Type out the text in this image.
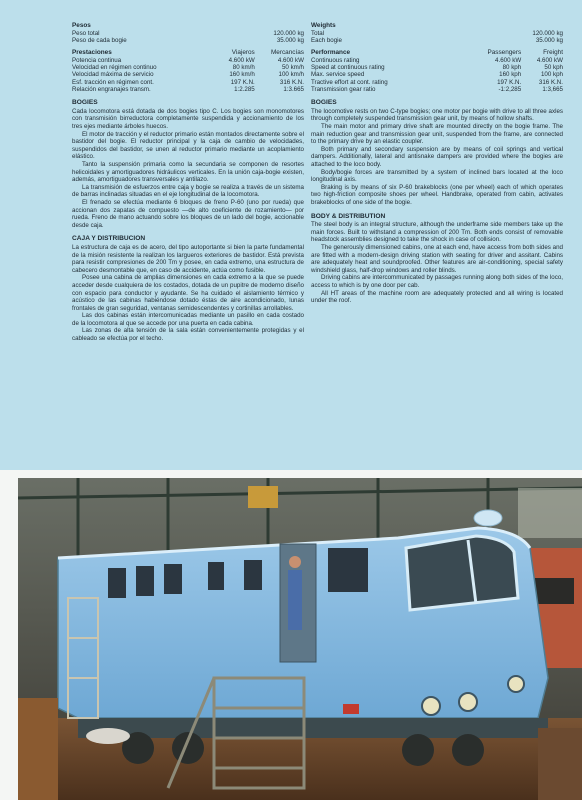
Pesos	
Peso total		120.000 kg
Peso de cada bogie		35.000 kg
Prestaciones	Viajeros	Mercancías
Potencia continua	4.600 kW	4.600 kW
Velocidad en régimen continuo	80 km/h	50 km/h
Velocidad máxima de servicio	160 km/h	100 km/h
Esf. tracción en régimen cont.	197 K.N.	316 K.N.
Relación engranajes transm.	1:2.285	1:3.665
BOGIES

Cada locomotora está dotada de dos bogies tipo C. Los bogies son monomotores con transmisión birreductora completamente suspendida y accionamiento de los tres ejes mediante árboles huecos.

El motor de tracción y el reductor primario están montados directamente sobre el bastidor del bogie. El reductor principal y la caja de cambio de velocidades, suspendidos del bastidor, se unen al reductor primario mediante un acoplamiento elástico.

Tanto la suspensión primaria como la secundaria se componen de resortes helicoidales y amortiguadores hidráulicos verticales. En la unión caja-bogie existen, además, amortiguadores transversales y antilazo.

La transmisión de esfuerzos entre caja y bogie se realiza a través de un sistema de barras inclinadas situadas en el eje longitudinal de la locomotora.

El frenado se efectúa mediante 6 bloques de freno P-60 (uno por rueda) que accionan dos zapatas de compuesto —de alto coeficiente de rozamiento— por rueda. Freno de mano actuando sobre los bloques de un lado del bogie, accionable desde caja.

CAJA Y DISTRIBUCION

La estructura de caja es de acero, del tipo autoportante si bien la parte fundamental de la misión resistente la realizan los largueros exteriores de bastidor. Está prevista para resistir compresiones de 200 Tm y posee, en cada extremo, una estructura de cabecero desmontable que, en caso de accidente, actúa como fusible.

Posee una cabina de amplias dimensiones en cada extremo a la que se puede acceder desde cualquiera de los costados, dotada de un pupitre de moderno diseño con espacio para conductor y ayudante. Se ha cuidado el aislamiento térmico y acústico de las cabinas habiéndose dotado éstas de aire acondicionado, lunas frontales de gran seguridad, ventanas semidescendentes y cortinillas arrollables.

Las dos cabinas están intercomunicadas mediante un pasillo en cada costado de la locomotora al que se accede por una puerta en cada cabina.

Las zonas de alta tensión de la sala están convenientemente protegidas y el cableado se efectúa por el techo.

Weights	
Total		120.000 kg
Each bogie		35.000 kg
Performance	Passengers	Freight
Continuous rating	4.600 kW	4.600 kW
Speed at continuous rating	80 kph	50 kph
Max. service speed	160 kph	100 kph
Tractive effort at cont. rating	197 K.N.	316 K.N.
Transmission gear ratio	-1:2,285	1:3,665
BOGIES

The locomotive rests on two C-type bogies; one motor per bogie with drive to all three axles through completely suspended transmission gear unit, by means of hollow shafts.

The main motor and primary drive shaft are mounted directly on the bogie frame. The main reduction gear and transmission gear unit, suspended from the frame, are connected to the primary drive by an elastic coupler.

Both primary and secondary suspension are by means of coil springs and vertical dampers. Additionally, lateral and antisnake dampers are provided where the bogies are attached to the loco body.

Body/bogie forces are transmitted by a system of inclined bars located at the loco longitudinal axis.

Braking is by means of six P-60 brakeblocks (one per wheel) each of which operates two high-friction composite shoes per wheel. Handbrake, operated from cabin, activates brakeblocks of one side of the bogie.

BODY & DISTRIBUTION

The steel body is an integral structure, although the underframe side members take up the main forces. Built to withstand a compression of 200 Tm. Both ends consist of removable headstock assemblies designed to take the shock in case of collision.

The generously dimensioned cabins, one at each end, have access from both sides and are fitted with a modern-design driving station with seating for driver and assitant. Cabins are adequately heat and soundproofed. Other features are air-conditioning, special safety windshield glass, half-drop windows and roller blinds.

Driving cabins are intercommunicated by passages running along both sides of the loco, access to which is by one door per cab.

All HT areas of the machine room are adequately protected and all wiring is located under the roof.
